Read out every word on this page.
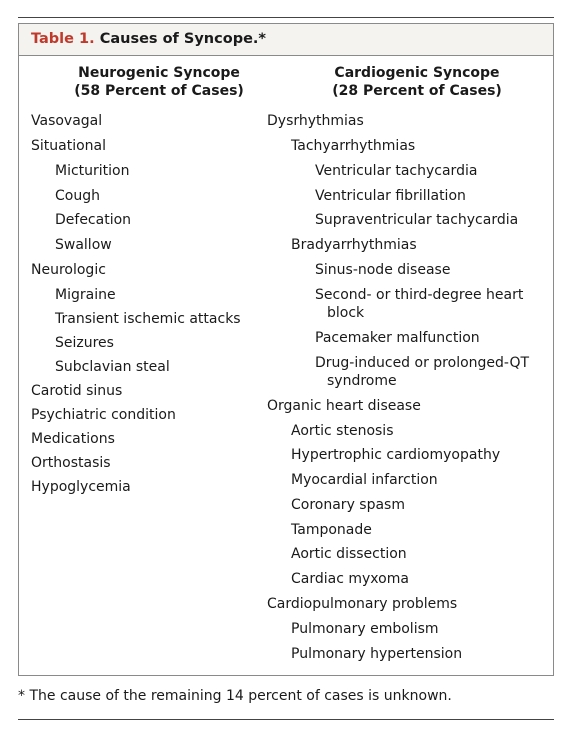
Table 1. Causes of Syncope.*
Neurogenic Syncope
(58 Percent of Cases)
Cardiogenic Syncope
(28 Percent of Cases)
Vasovagal
Situational
Micturition
Cough
Defecation
Swallow
Neurologic
Migraine
Transient ischemic attacks
Seizures
Subclavian steal
Carotid sinus
Psychiatric condition
Medications
Orthostasis
Hypoglycemia
Dysrhythmias
Tachyarrhythmias
Ventricular tachycardia
Ventricular fibrillation
Supraventricular tachycardia
Bradyarrhythmias
Sinus-node disease
Second- or third-degree heart
block
Pacemaker malfunction
Drug-induced or prolonged-QT
syndrome
Organic heart disease
Aortic stenosis
Hypertrophic cardiomyopathy
Myocardial infarction
Coronary spasm
Tamponade
Aortic dissection
Cardiac myxoma
Cardiopulmonary problems
Pulmonary embolism
Pulmonary hypertension
* The cause of the remaining 14 percent of cases is unknown.
